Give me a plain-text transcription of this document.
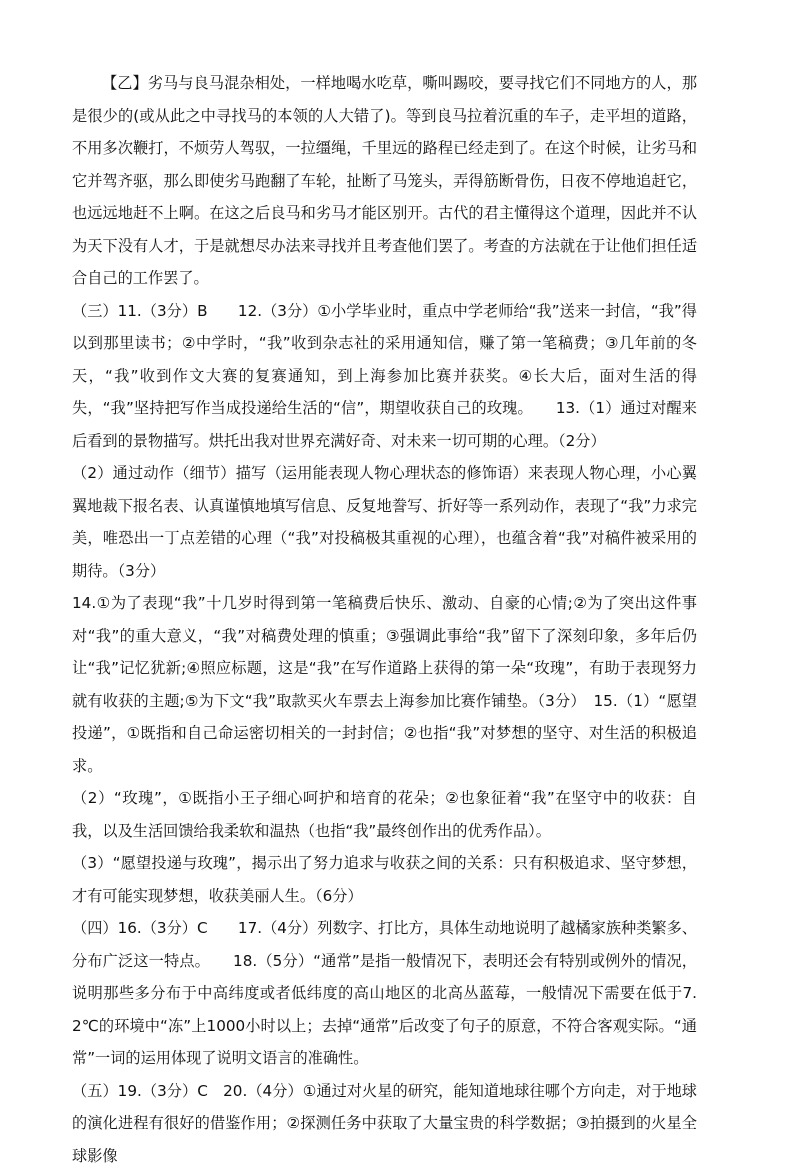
【乙】劣马与良马混杂相处，一样地喝水吃草，嘶叫踢咬，要寻找它们不同地方的人，那是很少的(或从此之中寻找马的本领的人大错了)。等到良马拉着沉重的车子，走平坦的道路，不用多次鞭打，不烦劳人驾驭，一拉缰绳，千里远的路程已经走到了。在这个时候，让劣马和它并驾齐驱，那么即使劣马跑翻了车轮，扯断了马笼头，弄得筋断骨伤，日夜不停地追赶它，也远远地赶不上啊。在这之后良马和劣马才能区别开。古代的君主懂得这个道理，因此并不认为天下没有人才，于是就想尽办法来寻找并且考查他们罢了。考查的方法就在于让他们担任适合自己的工作罢了。

（三）11.（3分）B　　12.（3分）①小学毕业时，重点中学老师给“我”送来一封信，“我”得以到那里读书；②中学时，“我”收到杂志社的采用通知信，赚了第一笔稿费；③几年前的冬天，“我”收到作文大赛的复赛通知，到上海参加比赛并获奖。④长大后，面对生活的得失，“我”坚持把写作当成投递给生活的“信”，期望收获自己的玫瑰。　　13.（1）通过对醒来后看到的景物描写。烘托出我对世界充满好奇、对未来一切可期的心理。（2分）

（2）通过动作（细节）描写（运用能表现人物心理状态的修饰语）来表现人物心理，小心翼翼地裁下报名表、认真谨慎地填写信息、反复地誊写、折好等一系列动作，表现了“我”力求完美，唯恐出一丁点差错的心理（“我”对投稿极其重视的心理），也蕴含着“我”对稿件被采用的期待。（3分）

14.①为了表现“我”十几岁时得到第一笔稿费后快乐、激动、自豪的心情;②为了突出这件事对“我”的重大意义，“我”对稿费处理的慎重；③强调此事给“我”留下了深刻印象，多年后仍让“我”记忆犹新;④照应标题，这是“我”在写作道路上获得的第一朵“玫瑰”，有助于表现努力就有收获的主题;⑤为下文“我”取款买火车票去上海参加比赛作铺垫。（3分）　15.（1）“愿望投递”，①既指和自己命运密切相关的一封封信；②也指“我”对梦想的坚守、对生活的积极追求。

（2）“玫瑰”，①既指小王子细心呵护和培育的花朵；②也象征着“我”在坚守中的收获：自我，以及生活回馈给我柔软和温热（也指“我”最终创作出的优秀作品）。

（3）“愿望投递与玫瑰”，揭示出了努力追求与收获之间的关系：只有积极追求、坚守梦想，才有可能实现梦想，收获美丽人生。（6分）

（四）16.（3分）C　　17.（4分）列数字、打比方，具体生动地说明了越橘家族种类繁多、分布广泛这一特点。　　18.（5分）“通常”是指一般情况下，表明还会有特别或例外的情况，说明那些多分布于中高纬度或者低纬度的高山地区的北高丛蓝莓，一般情况下需要在低于7.2℃的环境中“冻”上1000小时以上；去掉“通常”后改变了句子的原意，不符合客观实际。“通常”一词的运用体现了说明文语言的准确性。

（五）19.（3分）C　20.（4分）①通过对火星的研究，能知道地球往哪个方向走，对于地球的演化进程有很好的借鉴作用；②探测任务中获取了大量宝贵的科学数据；③拍摄到的火星全球影像
